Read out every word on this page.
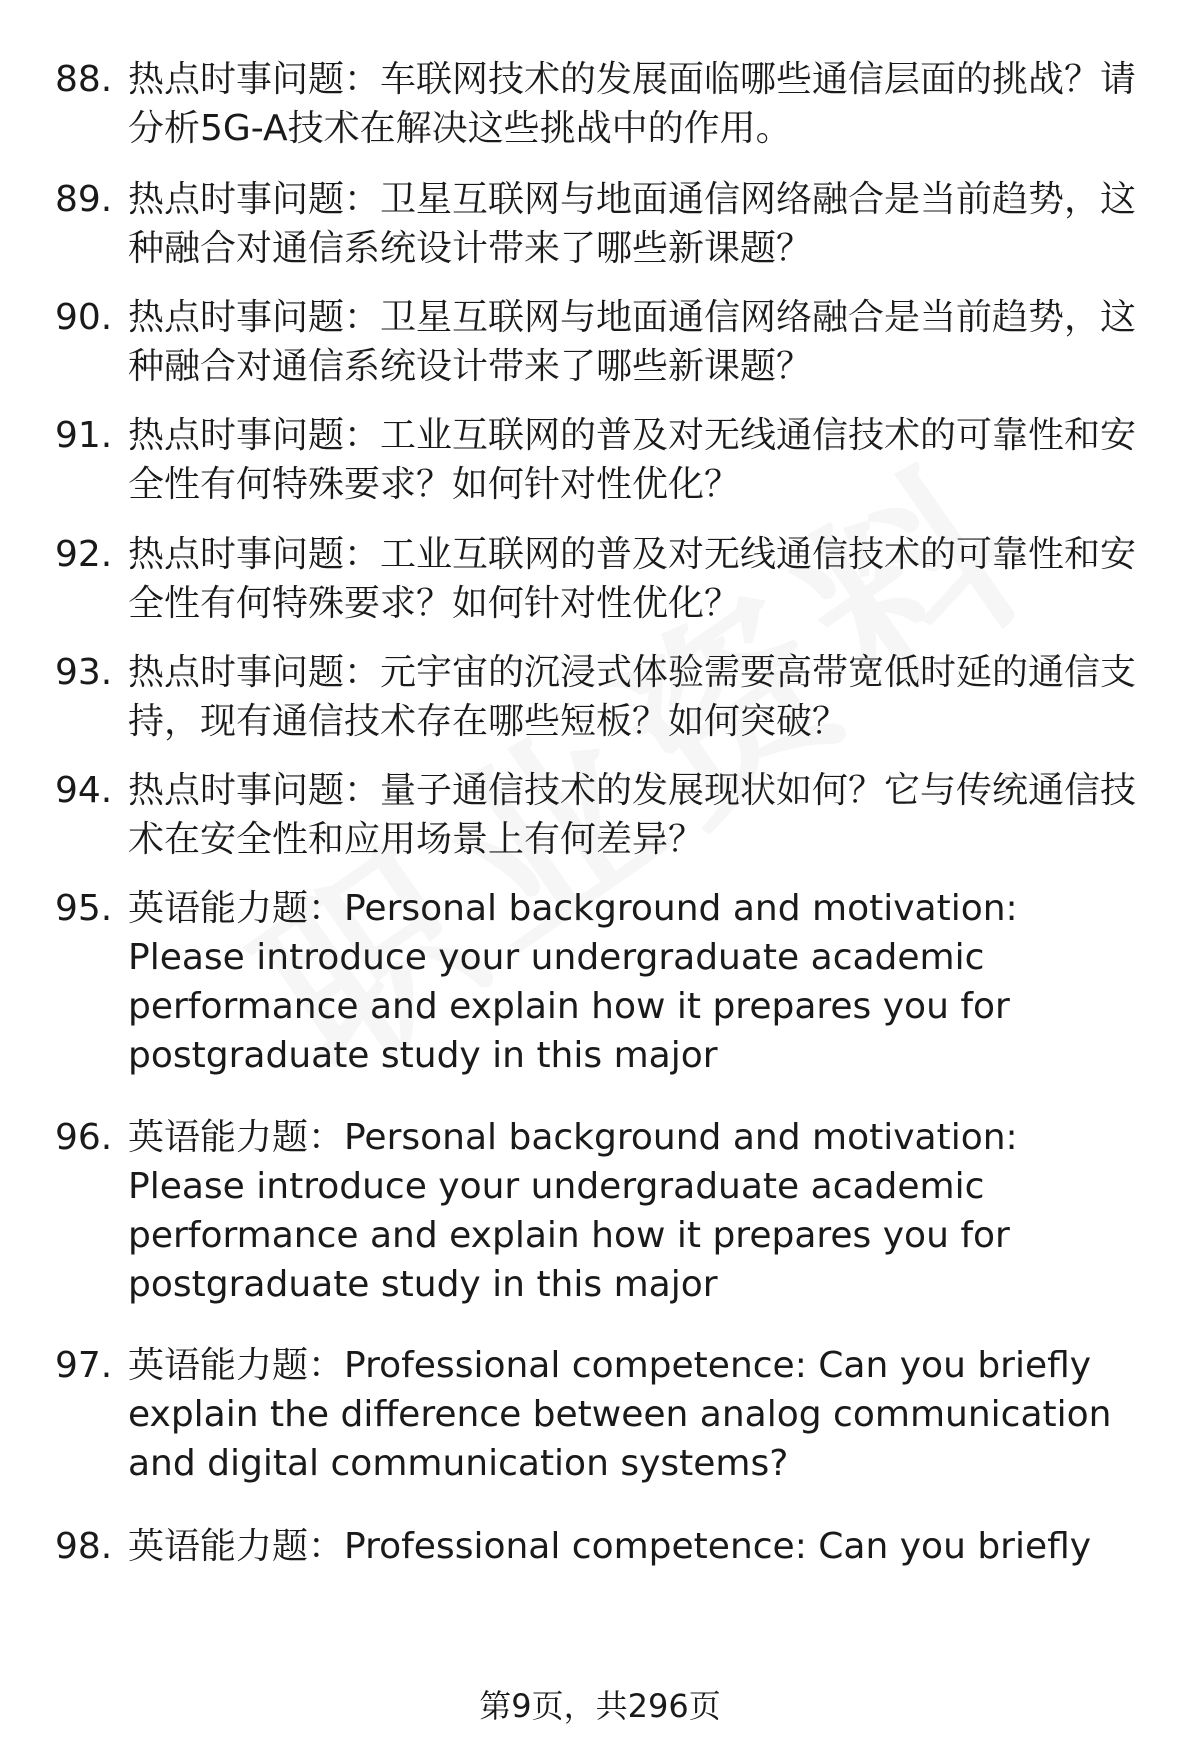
88. 热点时事问题：车联网技术的发展面临哪些通信层面的挑战？请分析5G-A技术在解决这些挑战中的作用。
89. 热点时事问题：卫星互联网与地面通信网络融合是当前趋势，这种融合对通信系统设计带来了哪些新课题？
90. 热点时事问题：卫星互联网与地面通信网络融合是当前趋势，这种融合对通信系统设计带来了哪些新课题？
91. 热点时事问题：工业互联网的普及对无线通信技术的可靠性和安全性有何特殊要求？如何针对性优化？
92. 热点时事问题：工业互联网的普及对无线通信技术的可靠性和安全性有何特殊要求？如何针对性优化？
93. 热点时事问题：元宇宙的沉浸式体验需要高带宽低时延的通信支持，现有通信技术存在哪些短板？如何突破？
94. 热点时事问题：量子通信技术的发展现状如何？它与传统通信技术在安全性和应用场景上有何差异？
95. 英语能力题：Personal background and motivation: Please introduce your undergraduate academic performance and explain how it prepares you for postgraduate study in this major
96. 英语能力题：Personal background and motivation: Please introduce your undergraduate academic performance and explain how it prepares you for postgraduate study in this major
97. 英语能力题：Professional competence: Can you briefly explain the difference between analog communication and digital communication systems?
98. 英语能力题：Professional competence: Can you briefly
第9页，共296页
